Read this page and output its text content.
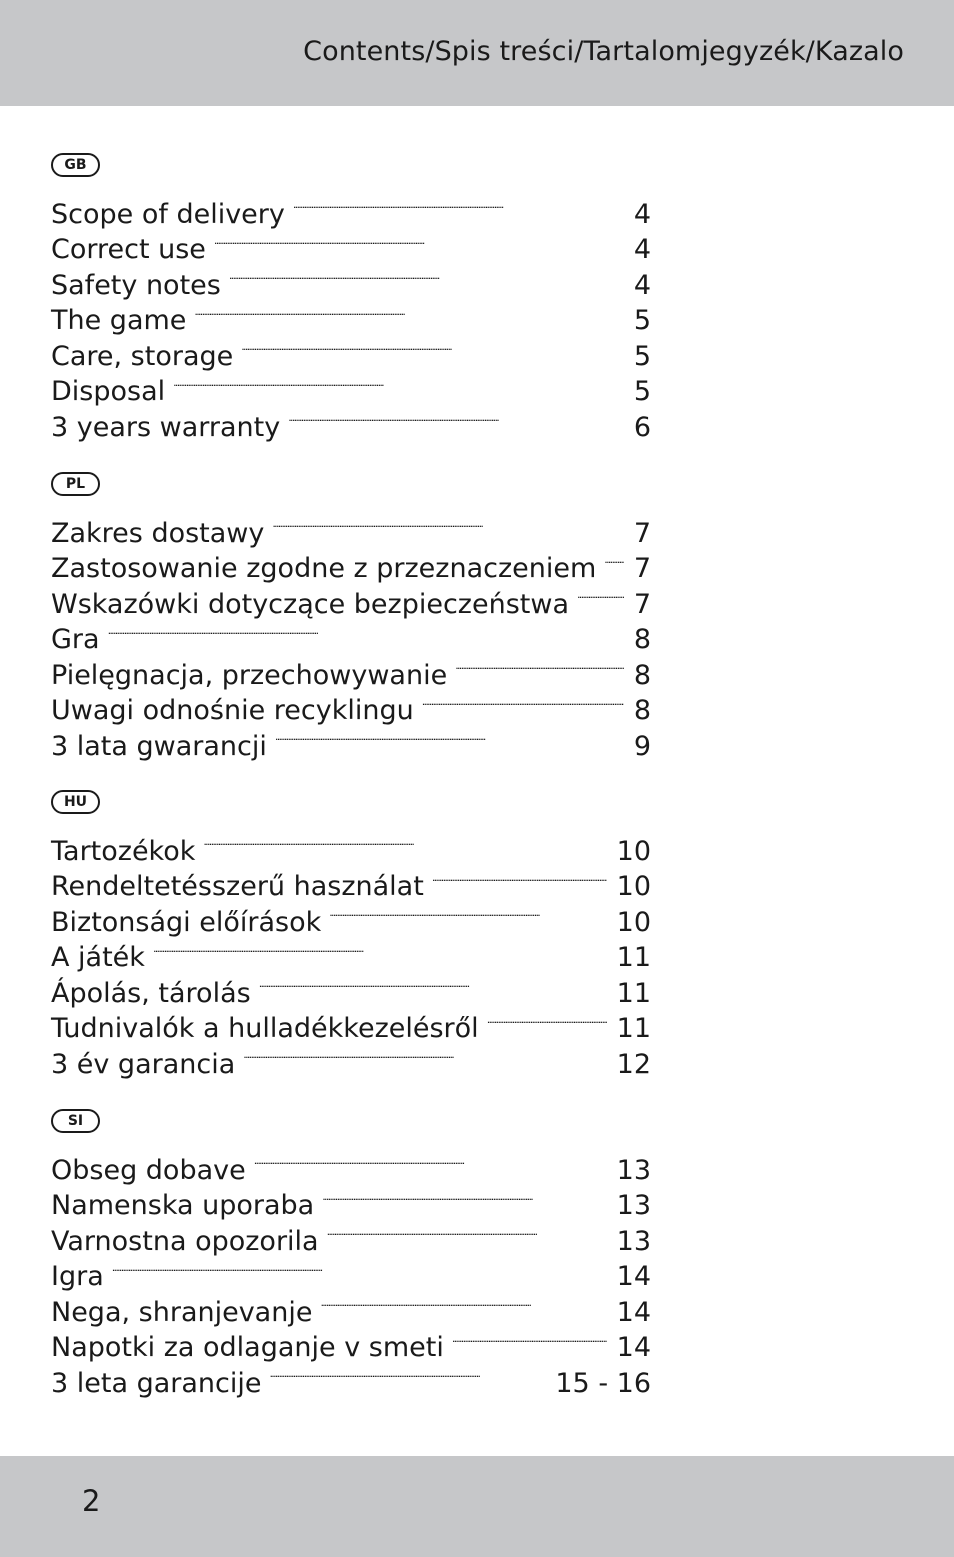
Contents/Spis treści/Tartalomjegyzék/Kazalo
GB
Scope of delivery . . .	4
Correct use . . .	4
Safety notes . . .	4
The game . . .	5
Care, storage . . .	5
Disposal . . .	5
3 years warranty . . .	6
PL
Zakres dostawy . . .	7
Zastosowanie zgodne z przeznaczeniem . . .	7
Wskazówki dotyczące bezpieczeństwa . . .	7
Gra . . .	8
Pielęgnacja, przechowywanie . . .	8
Uwagi odnośnie recyklingu . . .	8
3 lata gwarancji . . .	9
HU
Tartozékok . . .	10
Rendeltetésszerű használat . . .	10
Biztonsági előírások . . .	10
A játék . . .	11
Ápolás, tárolás . . .	11
Tudnivalók a hulladékkezelésről . . .	11
3 év garancia . . .	12
SI
Obseg dobave . . .	13
Namenska uporaba . . .	13
Varnostna opozorila . . .	13
Igra . . .	14
Nega, shranjevanje . . .	14
Napotki za odlaganje v smeti . . .	14
3 leta garancije . . .	15 - 16
2
